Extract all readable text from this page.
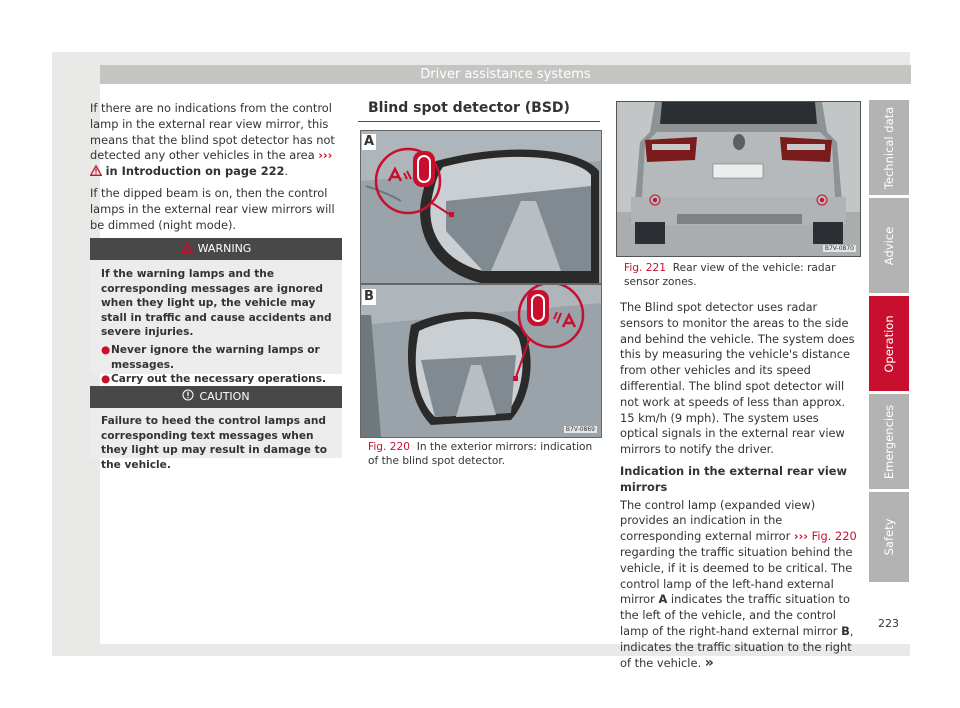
Driver assistance systems

If there are no indications from the control lamp in the external rear view mirror, this means that the blind spot detector has not detected any other vehicles in the area ›››  in Introduction on page 222.

If the dipped beam is on, then the control lamps in the external rear view mirrors will be dimmed (night mode).

WARNING

If the warning lamps and the corresponding messages are ignored when they light up, the vehicle may stall in traffic and cause accidents and severe injuries.

● Never ignore the warning lamps or messages.
● Carry out the necessary operations.
CAUTION
Failure to heed the control lamps and corresponding text messages when they light up may result in damage to the vehicle.
Blind spot detector (BSD)
A
B
B7V-0869
Fig. 220 In the exterior mirrors: indication of the blind spot detector.
B7V-0870
Fig. 221 Rear view of the vehicle: radar sensor zones.

The Blind spot detector uses radar sensors to monitor the areas to the side and behind the vehicle. The system does this by measuring the vehicle's distance from other vehicles and its speed differential. The blind spot detector will not work at speeds of less than approx. 15 km/h (9 mph). The system uses optical signals in the external rear view mirrors to notify the driver.

Indication in the external rear view mirrors

The control lamp (expanded view) provides an indication in the corresponding external mirror ››› Fig. 220 regarding the traffic situation behind the vehicle, if it is deemed to be critical. The control lamp of the left-hand external mirror A indicates the traffic situation to the left of the vehicle, and the control lamp of the right-hand external mirror B, indicates the traffic situation to the right of the vehicle. »

Technical data
Advice
Operation
Emergencies
Safety
223
